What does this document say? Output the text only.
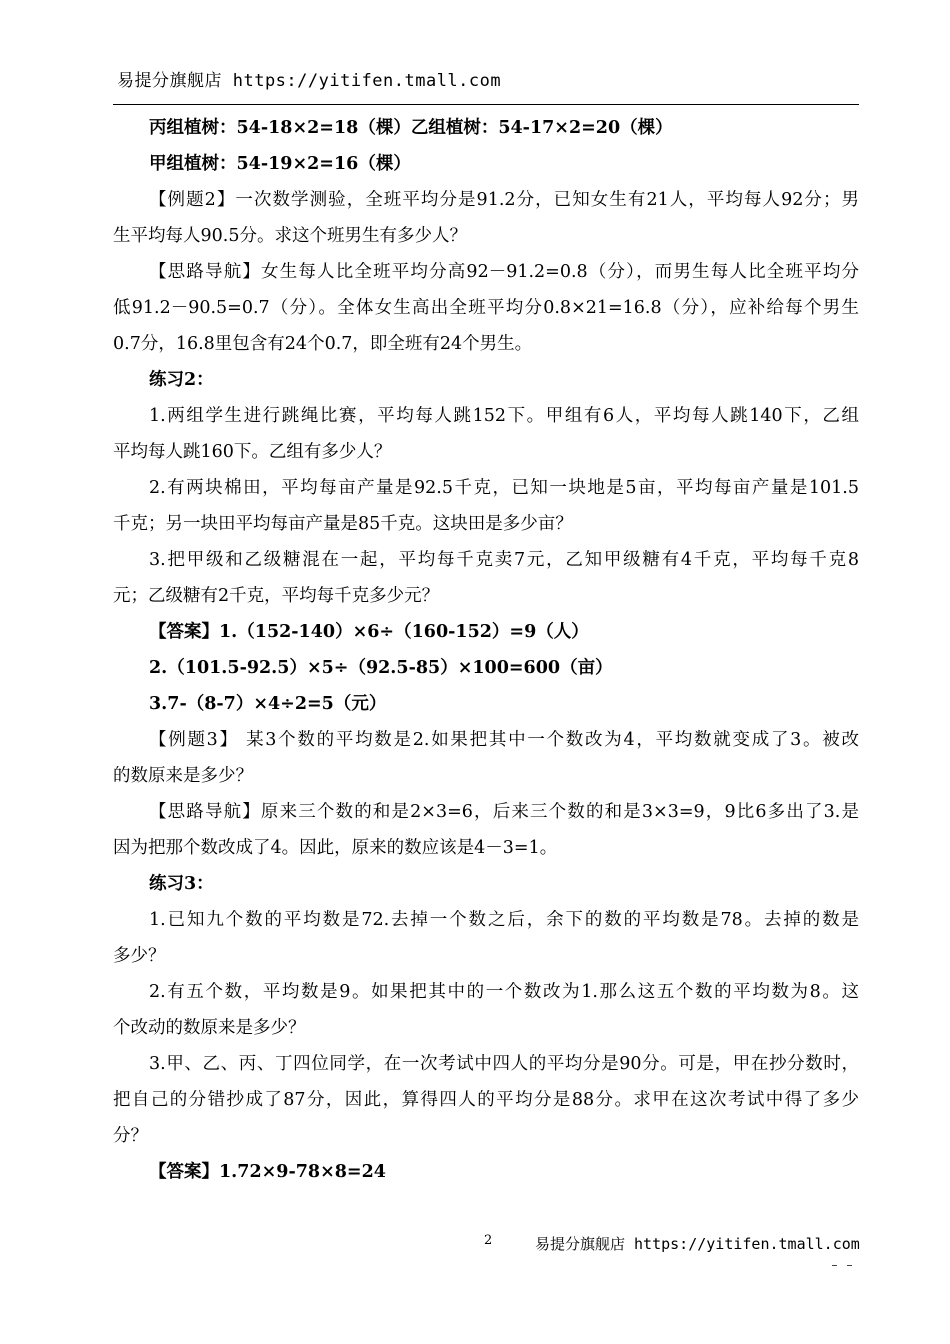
易提分旗舰店 https://yitifen.tmall.com
丙组植树：54-18×2=18（棵）乙组植树：54-17×2=20（棵）
甲组植树：54-19×2=16（棵）
【例题2】一次数学测验，全班平均分是91.2分，已知女生有21人，平均每人92分；男
生平均每人90.5分。求这个班男生有多少人？
【思路导航】女生每人比全班平均分高92－91.2=0.8（分），而男生每人比全班平均分
低91.2－90.5=0.7（分）。全体女生高出全班平均分0.8×21=16.8（分），应补给每个男生
0.7分，16.8里包含有24个0.7，即全班有24个男生。
练习2：
1.两组学生进行跳绳比赛，平均每人跳152下。甲组有6人，平均每人跳140下，乙组
平均每人跳160下。乙组有多少人？
2.有两块棉田，平均每亩产量是92.5千克，已知一块地是5亩，平均每亩产量是101.5
千克；另一块田平均每亩产量是85千克。这块田是多少亩？
3.把甲级和乙级糖混在一起，平均每千克卖7元，乙知甲级糖有4千克，平均每千克8
元；乙级糖有2千克，平均每千克多少元？
【答案】1.（152-140）×6÷（160-152）=9（人）
2.（101.5-92.5）×5÷（92.5-85）×100=600（亩）
3.7-（8-7）×4÷2=5（元）
【例题3】 某3个数的平均数是2.如果把其中一个数改为4，平均数就变成了3。被改
的数原来是多少？
【思路导航】原来三个数的和是2×3=6，后来三个数的和是3×3=9，9比6多出了3.是
因为把那个数改成了4。因此，原来的数应该是4－3=1。
练习3：
1.已知九个数的平均数是72.去掉一个数之后，余下的数的平均数是78。去掉的数是
多少？
2.有五个数，平均数是9。如果把其中的一个数改为1.那么这五个数的平均数为8。这
个改动的数原来是多少？
3.甲、乙、丙、丁四位同学，在一次考试中四人的平均分是90分。可是，甲在抄分数时，
把自己的分错抄成了87分，因此，算得四人的平均分是88分。求甲在这次考试中得了多少
分？
【答案】1.72×9-78×8=24
2	易提分旗舰店 https://yitifen.tmall.com
